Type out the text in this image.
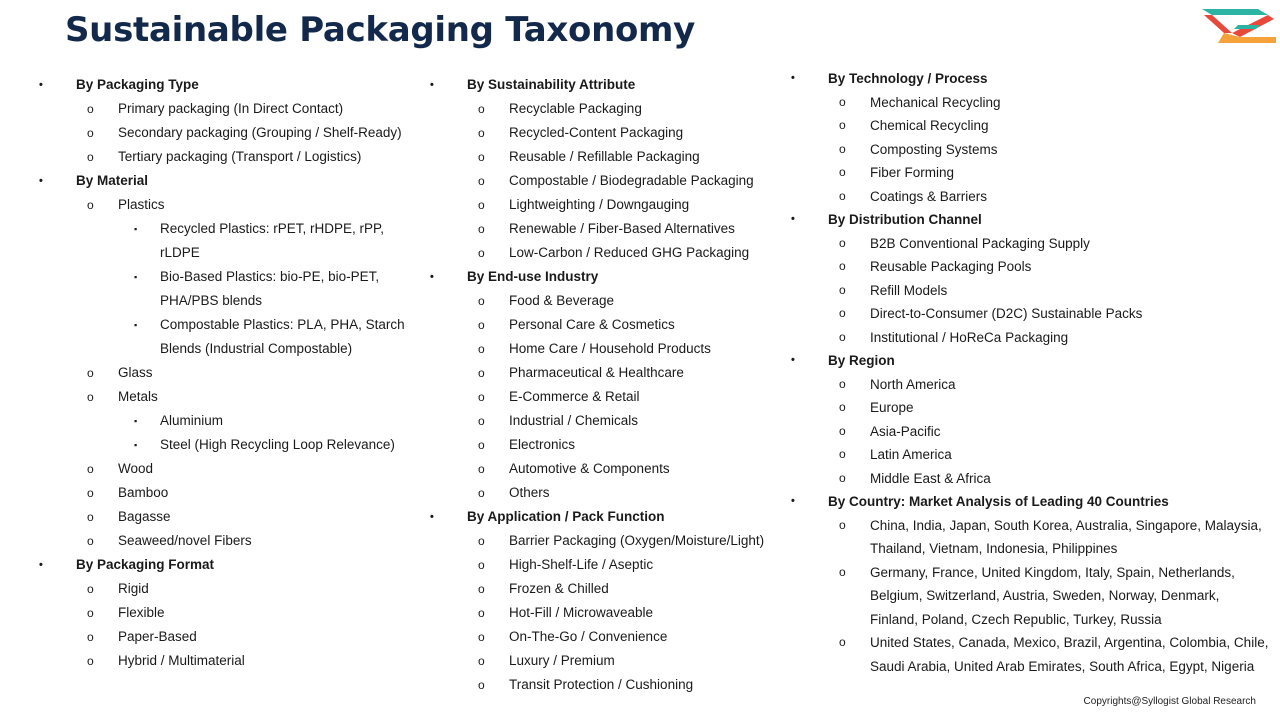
Sustainable Packaging Taxonomy
• By Packaging Type
o Primary packaging (In Direct Contact)
o Secondary packaging (Grouping / Shelf-Ready)
o Tertiary packaging (Transport / Logistics)
• By Material
o Plastics
▪ Recycled Plastics: rPET, rHDPE, rPP, rLDPE
▪ Bio-Based Plastics: bio-PE, bio-PET, PHA/PBS blends
▪ Compostable Plastics: PLA, PHA, Starch Blends (Industrial Compostable)
o Glass
o Metals
▪ Aluminium
▪ Steel (High Recycling Loop Relevance)
o Wood
o Bamboo
o Bagasse
o Seaweed/novel Fibers
• By Packaging Format
o Rigid
o Flexible
o Paper-Based
o Hybrid / Multimaterial
• By Sustainability Attribute
o Recyclable Packaging
o Recycled-Content Packaging
o Reusable / Refillable Packaging
o Compostable / Biodegradable Packaging
o Lightweighting / Downgauging
o Renewable / Fiber-Based Alternatives
o Low-Carbon / Reduced GHG Packaging
• By End-use Industry
o Food & Beverage
o Personal Care & Cosmetics
o Home Care / Household Products
o Pharmaceutical & Healthcare
o E-Commerce & Retail
o Industrial / Chemicals
o Electronics
o Automotive & Components
o Others
• By Application / Pack Function
o Barrier Packaging (Oxygen/Moisture/Light)
o High-Shelf-Life / Aseptic
o Frozen & Chilled
o Hot-Fill / Microwaveable
o On-The-Go / Convenience
o Luxury / Premium
o Transit Protection / Cushioning
• By Technology / Process
o Mechanical Recycling
o Chemical Recycling
o Composting Systems
o Fiber Forming
o Coatings & Barriers
• By Distribution Channel
o B2B Conventional Packaging Supply
o Reusable Packaging Pools
o Refill Models
o Direct-to-Consumer (D2C) Sustainable Packs
o Institutional / HoReCa Packaging
• By Region
o North America
o Europe
o Asia-Pacific
o Latin America
o Middle East & Africa
• By Country: Market Analysis of Leading 40 Countries
o China, India, Japan, South Korea, Australia, Singapore, Malaysia, Thailand, Vietnam, Indonesia, Philippines
o Germany, France, United Kingdom, Italy, Spain, Netherlands, Belgium, Switzerland, Austria, Sweden, Norway, Denmark, Finland, Poland, Czech Republic, Turkey, Russia
o United States, Canada, Mexico, Brazil, Argentina, Colombia, Chile, Saudi Arabia, United Arab Emirates, South Africa, Egypt, Nigeria
Copyrights@Syllogist Global Research
